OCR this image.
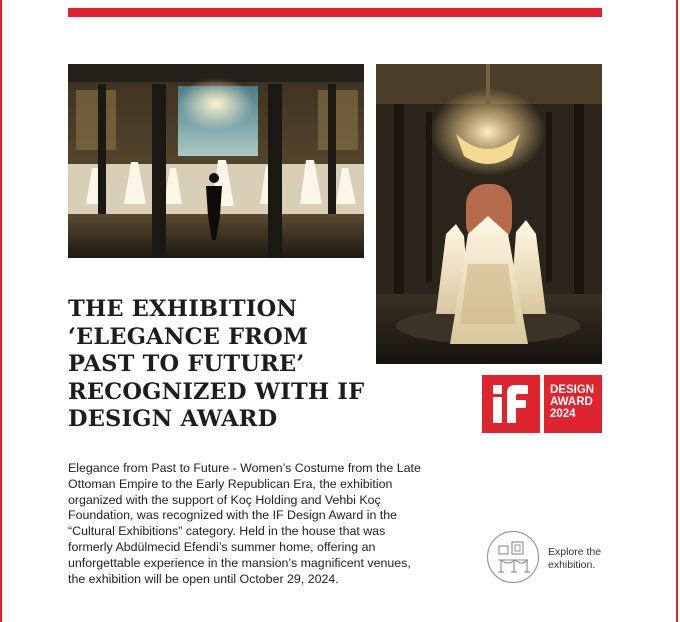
THE EXHIBITION
‘ELEGANCE FROM
PAST TO FUTURE’
RECOGNIZED WITH IF
DESIGN AWARD
DESIGN
AWARD
2024

Elegance from Past to Future - Women’s Costume from the Late
Ottoman Empire to the Early Republican Era, the exhibition
organized with the support of Koç Holding and Vehbi Koç
Foundation, was recognized with the IF Design Award in the
“Cultural Exhibitions” category. Held in the house that was
formerly Abdülmecid Efendi’s summer home, offering an
unforgettable experience in the mansion’s magnificent venues,
the exhibition will be open until October 29, 2024.

Explore the
exhibition.
